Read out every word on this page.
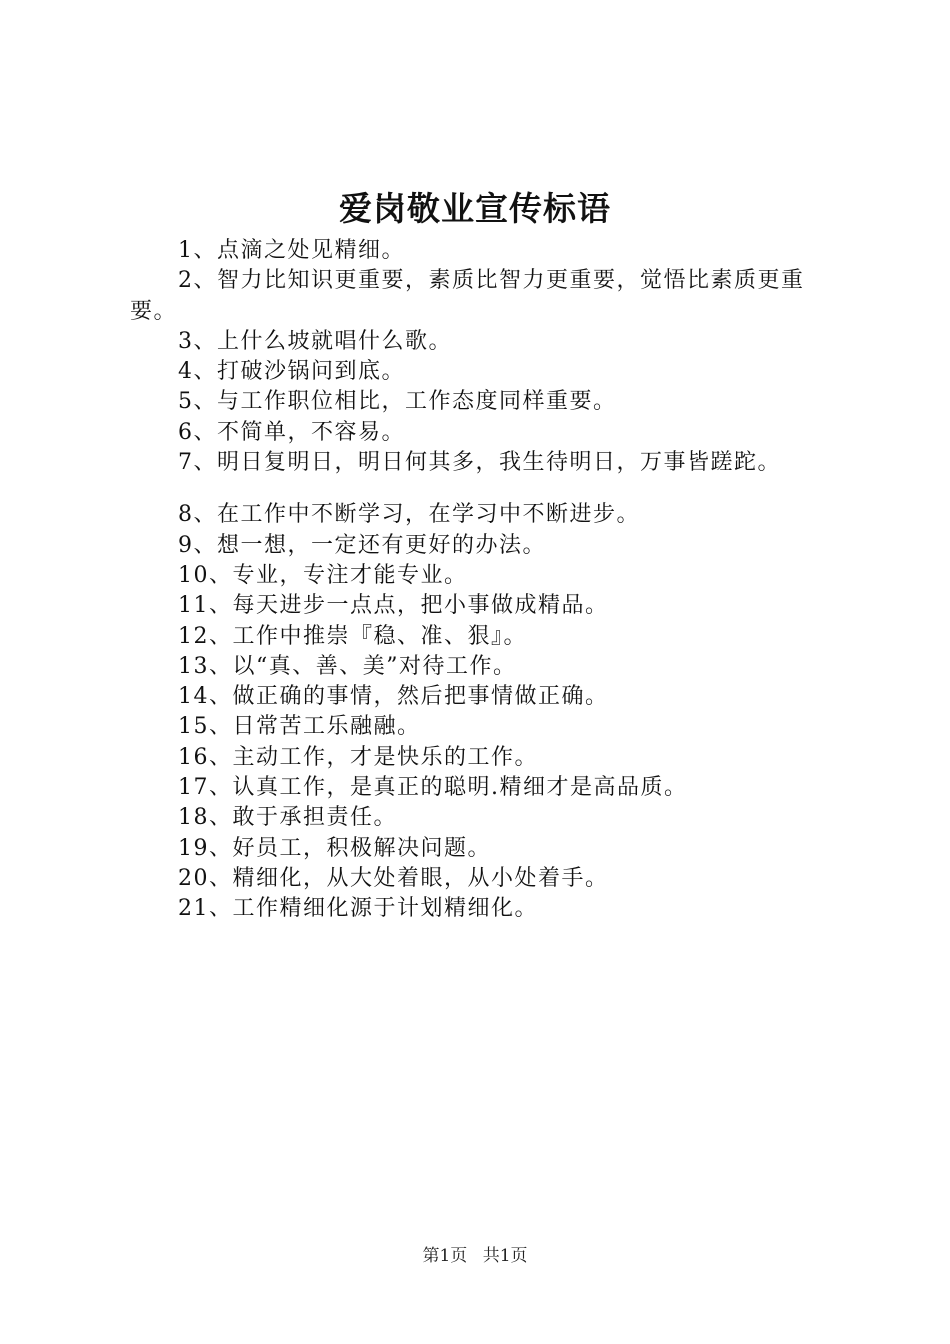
爱岗敬业宣传标语
1、点滴之处见精细。
2、智力比知识更重要，素质比智力更重要，觉悟比素质更重要。
3、上什么坡就唱什么歌。
4、打破沙锅问到底。
5、与工作职位相比，工作态度同样重要。
6、不简单，不容易。
7、明日复明日，明日何其多，我生待明日，万事皆蹉跎。
8、在工作中不断学习，在学习中不断进步。
9、想一想，一定还有更好的办法。
10、专业，专注才能专业。
11、每天进步一点点，把小事做成精品。
12、工作中推崇『稳、准、狠』。
13、以“真、善、美”对待工作。
14、做正确的事情，然后把事情做正确。
15、日常苦工乐融融。
16、主动工作，才是快乐的工作。
17、认真工作，是真正的聪明.精细才是高品质。
18、敢于承担责任。
19、好员工，积极解决问题。
20、精细化，从大处着眼，从小处着手。
21、工作精细化源于计划精细化。
第1页 共1页
